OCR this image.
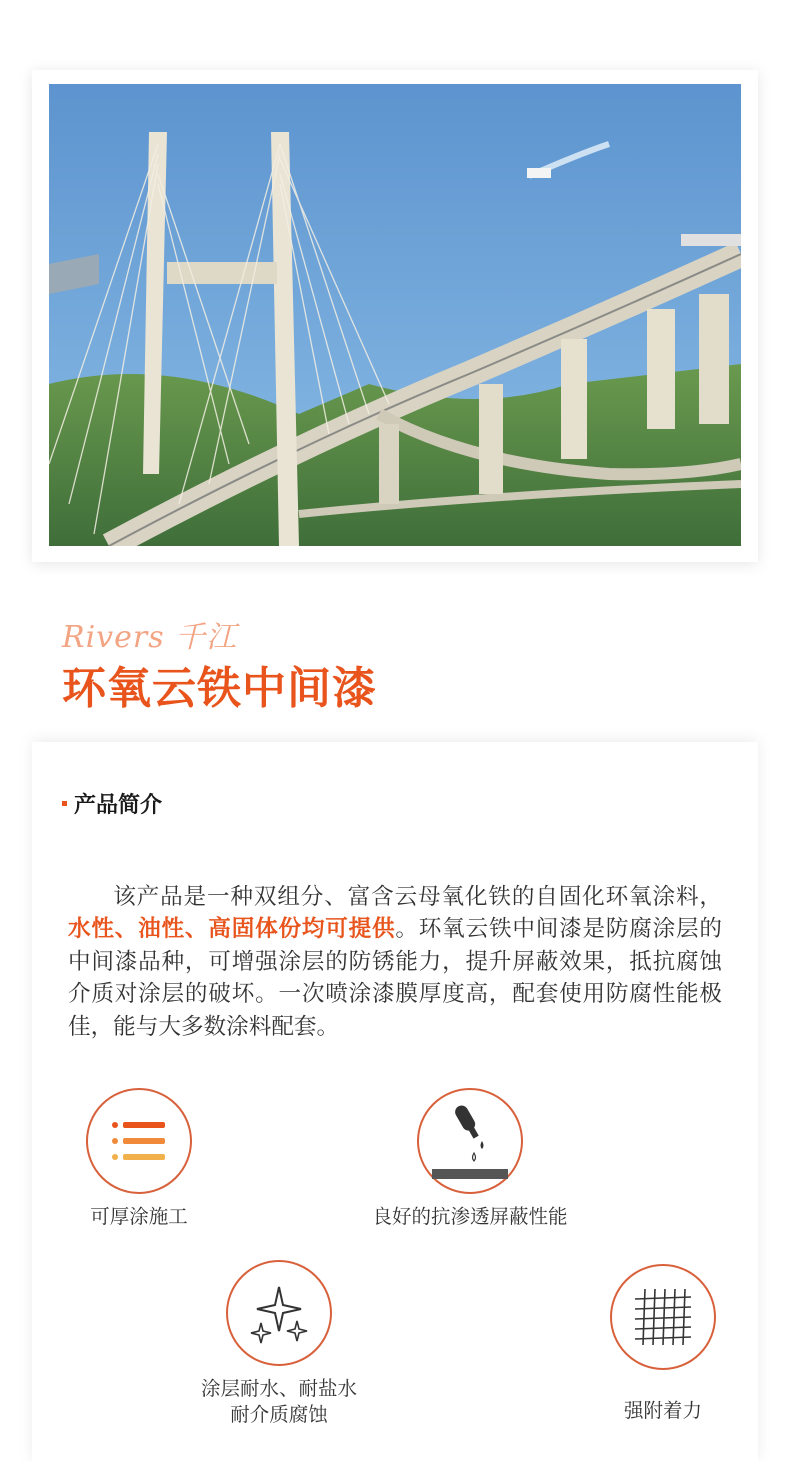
Rivers 千江
环氧云铁中间漆
产品简介

该产品是一种双组分、富含云母氧化铁的自固化环氧涂料，水性、油性、高固体份均可提供。环氧云铁中间漆是防腐涂层的中间漆品种，可增强涂层的防锈能力，提升屏蔽效果，抵抗腐蚀介质对涂层的破坏。一次喷涂漆膜厚度高，配套使用防腐性能极佳，能与大多数涂料配套。

可厚涂施工	良好的抗渗透屏蔽性能
涂层耐水、耐盐水
耐介质腐蚀	强附着力
